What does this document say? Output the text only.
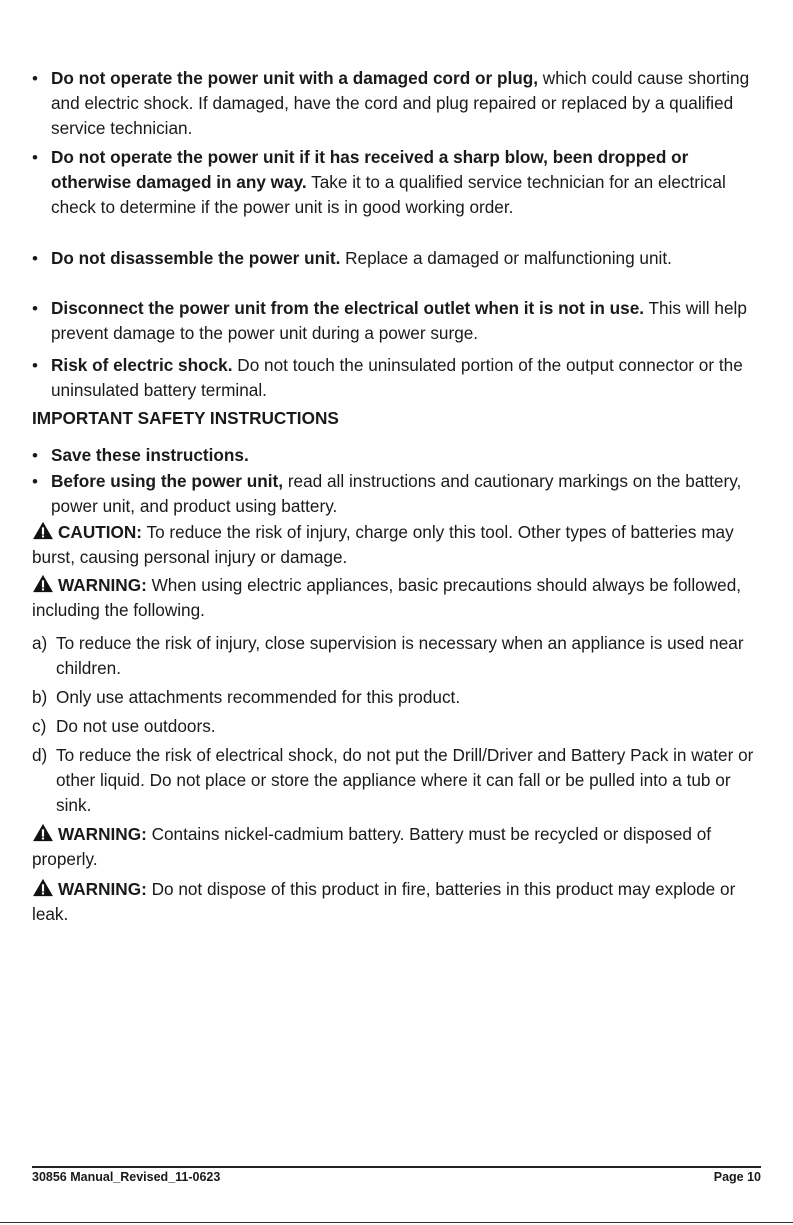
• Do not operate the power unit with a damaged cord or plug, which could cause shorting and electric shock. If damaged, have the cord and plug repaired or replaced by a qualified service technician.
• Do not operate the power unit if it has received a sharp blow, been dropped or otherwise damaged in any way. Take it to a qualified service technician for an electrical check to determine if the power unit is in good working order.
• Do not disassemble the power unit. Replace a damaged or malfunctioning unit.
• Disconnect the power unit from the electrical outlet when it is not in use. This will help prevent damage to the power unit during a power surge.
• Risk of electric shock. Do not touch the uninsulated portion of the output connector or the uninsulated battery terminal.
IMPORTANT SAFETY INSTRUCTIONS
• Save these instructions.
• Before using the power unit, read all instructions and cautionary markings on the battery, power unit, and product using battery.
CAUTION: To reduce the risk of injury, charge only this tool. Other types of batteries may burst, causing personal injury or damage.
WARNING: When using electric appliances, basic precautions should always be followed, including the following.
a) To reduce the risk of injury, close supervision is necessary when an appliance is used near children.
b) Only use attachments recommended for this product.
c) Do not use outdoors.
d) To reduce the risk of electrical shock, do not put the Drill/Driver and Battery Pack in water or other liquid. Do not place or store the appliance where it can fall or be pulled into a tub or sink.
WARNING: Contains nickel-cadmium battery. Battery must be recycled or disposed of properly.
WARNING: Do not dispose of this product in fire, batteries in this product may explode or leak.
30856 Manual_Revised_11-0623	Page 10
